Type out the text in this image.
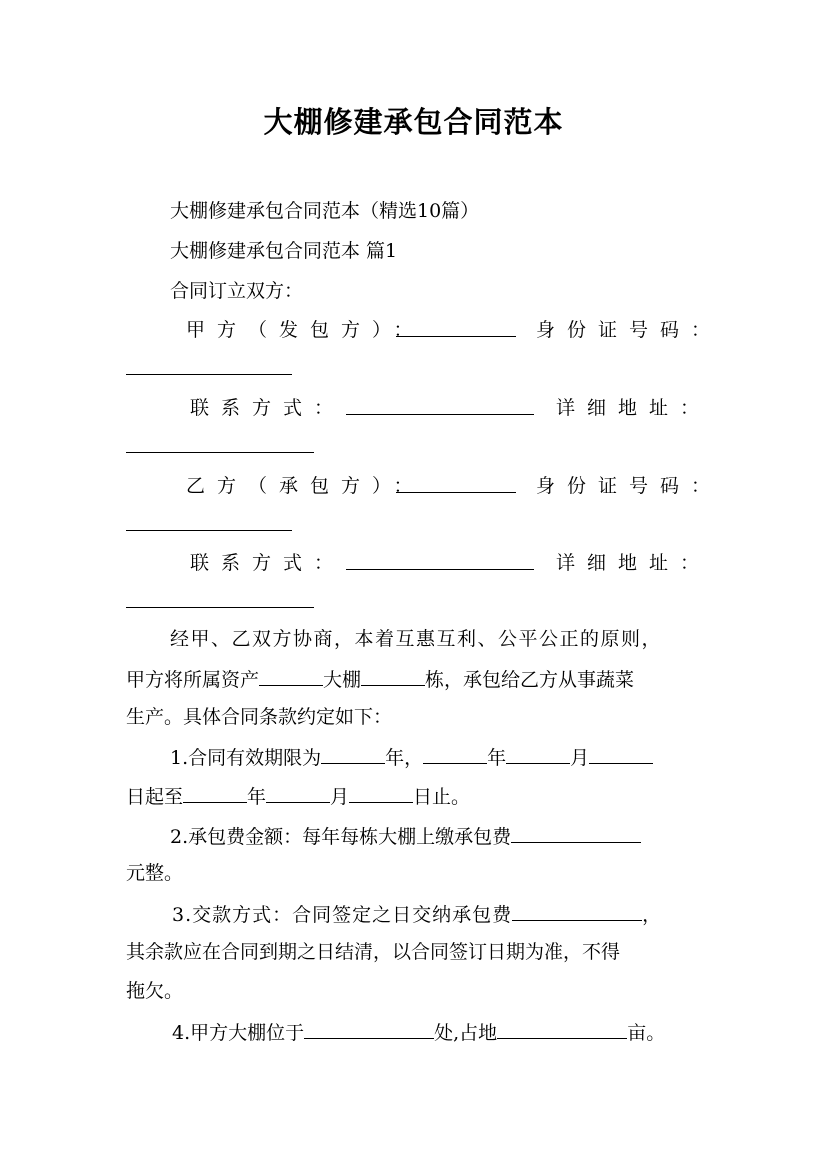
大棚修建承包合同范本
大棚修建承包合同范本（精选10篇）
大棚修建承包合同范本 篇1
合同订立双方：
甲方（发包方）：	身份证号码：
联系方式：	详细地址：
乙方（承包方）：	身份证号码：
联系方式：	详细地址：
经甲、乙双方协商，本着互惠互利、公平公正的原则，
甲方将所属资产	大棚	栋，承包给乙方从事蔬菜
生产。具体合同条款约定如下：
1.合同有效期限为	年，	年	月
日起至	年	月	日止。
2.承包费金额：每年每栋大棚上缴承包费
元整。
3.交款方式：合同签定之日交纳承包费	，
其余款应在合同到期之日结清，以合同签订日期为准，不得
拖欠。
4.甲方大棚位于	处,占地	亩。
